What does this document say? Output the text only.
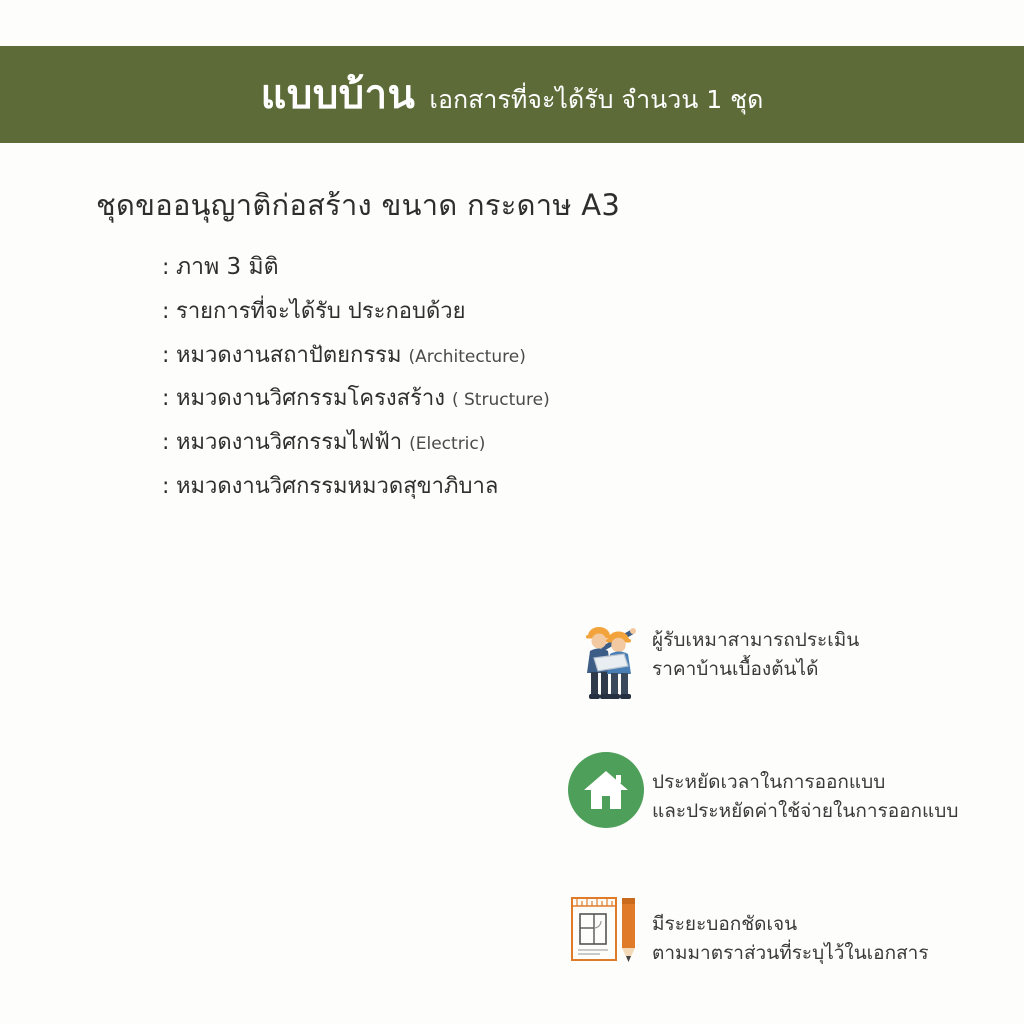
แบบบ้าน เอกสารที่จะได้รับ จำนวน 1 ชุด
ชุดขออนุญาติก่อสร้าง ขนาด กระดาษ A3
: ภาพ 3 มิติ
: รายการที่จะได้รับ ประกอบด้วย
: หมวดงานสถาปัตยกรรม (Architecture)
: หมวดงานวิศกรรมโครงสร้าง ( Structure)
: หมวดงานวิศกรรมไฟฟ้า (Electric)
: หมวดงานวิศกรรมหมวดสุขาภิบาล
ผู้รับเหมาสามารถประเมิน
ราคาบ้านเบื้องต้นได้
ประหยัดเวลาในการออกแบบ
และประหยัดค่าใช้จ่ายในการออกแบบ
มีระยะบอกชัดเจน
ตามมาตราส่วนที่ระบุไว้ในเอกสาร
